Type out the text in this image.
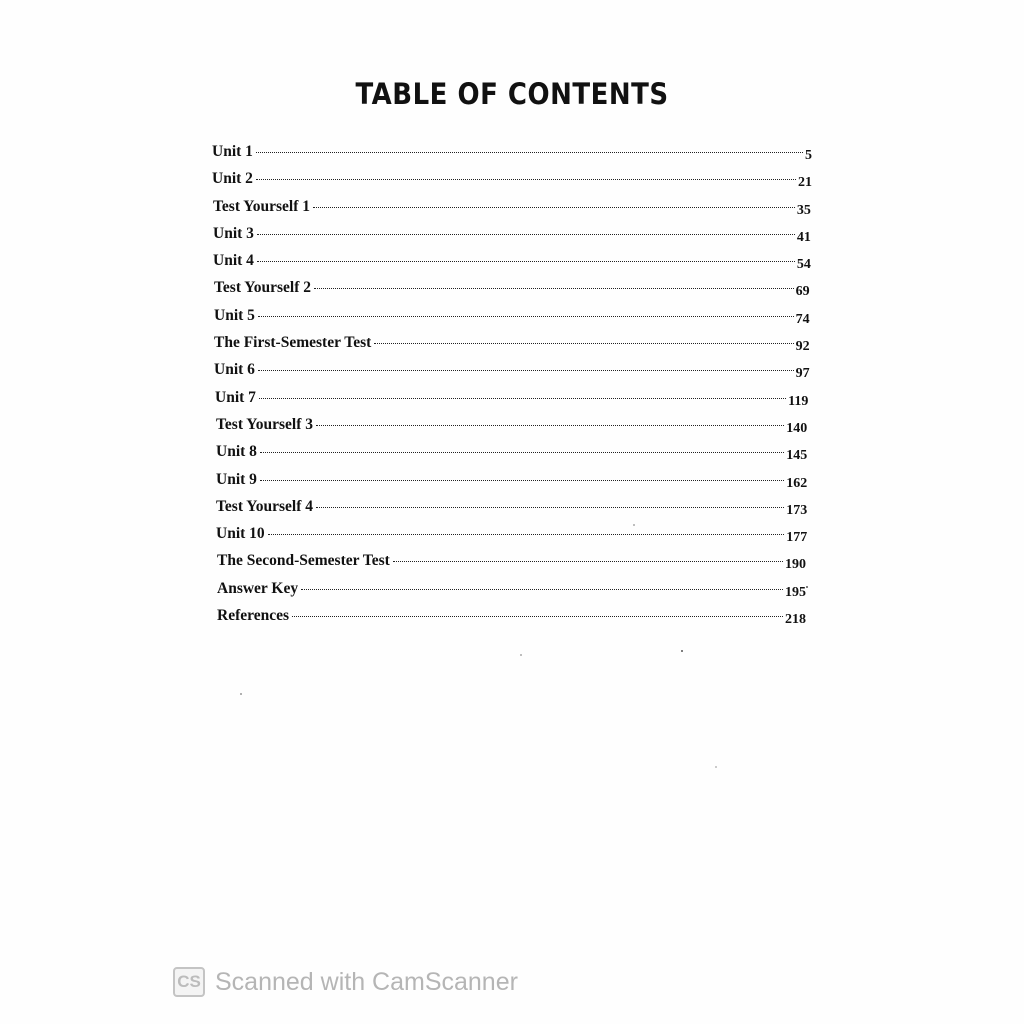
TABLE OF CONTENTS
Unit 1	5
Unit 2	21
Test Yourself 1	35
Unit 3	41
Unit 4	54
Test Yourself 2	69
Unit 5	74
The First-Semester Test	92
Unit 6	97
Unit 7	119
Test Yourself 3	140
Unit 8	145
Unit 9	162
Test Yourself 4	173
Unit 10	177
The Second-Semester Test	190
Answer Key	195
References	218
CS Scanned with CamScanner
